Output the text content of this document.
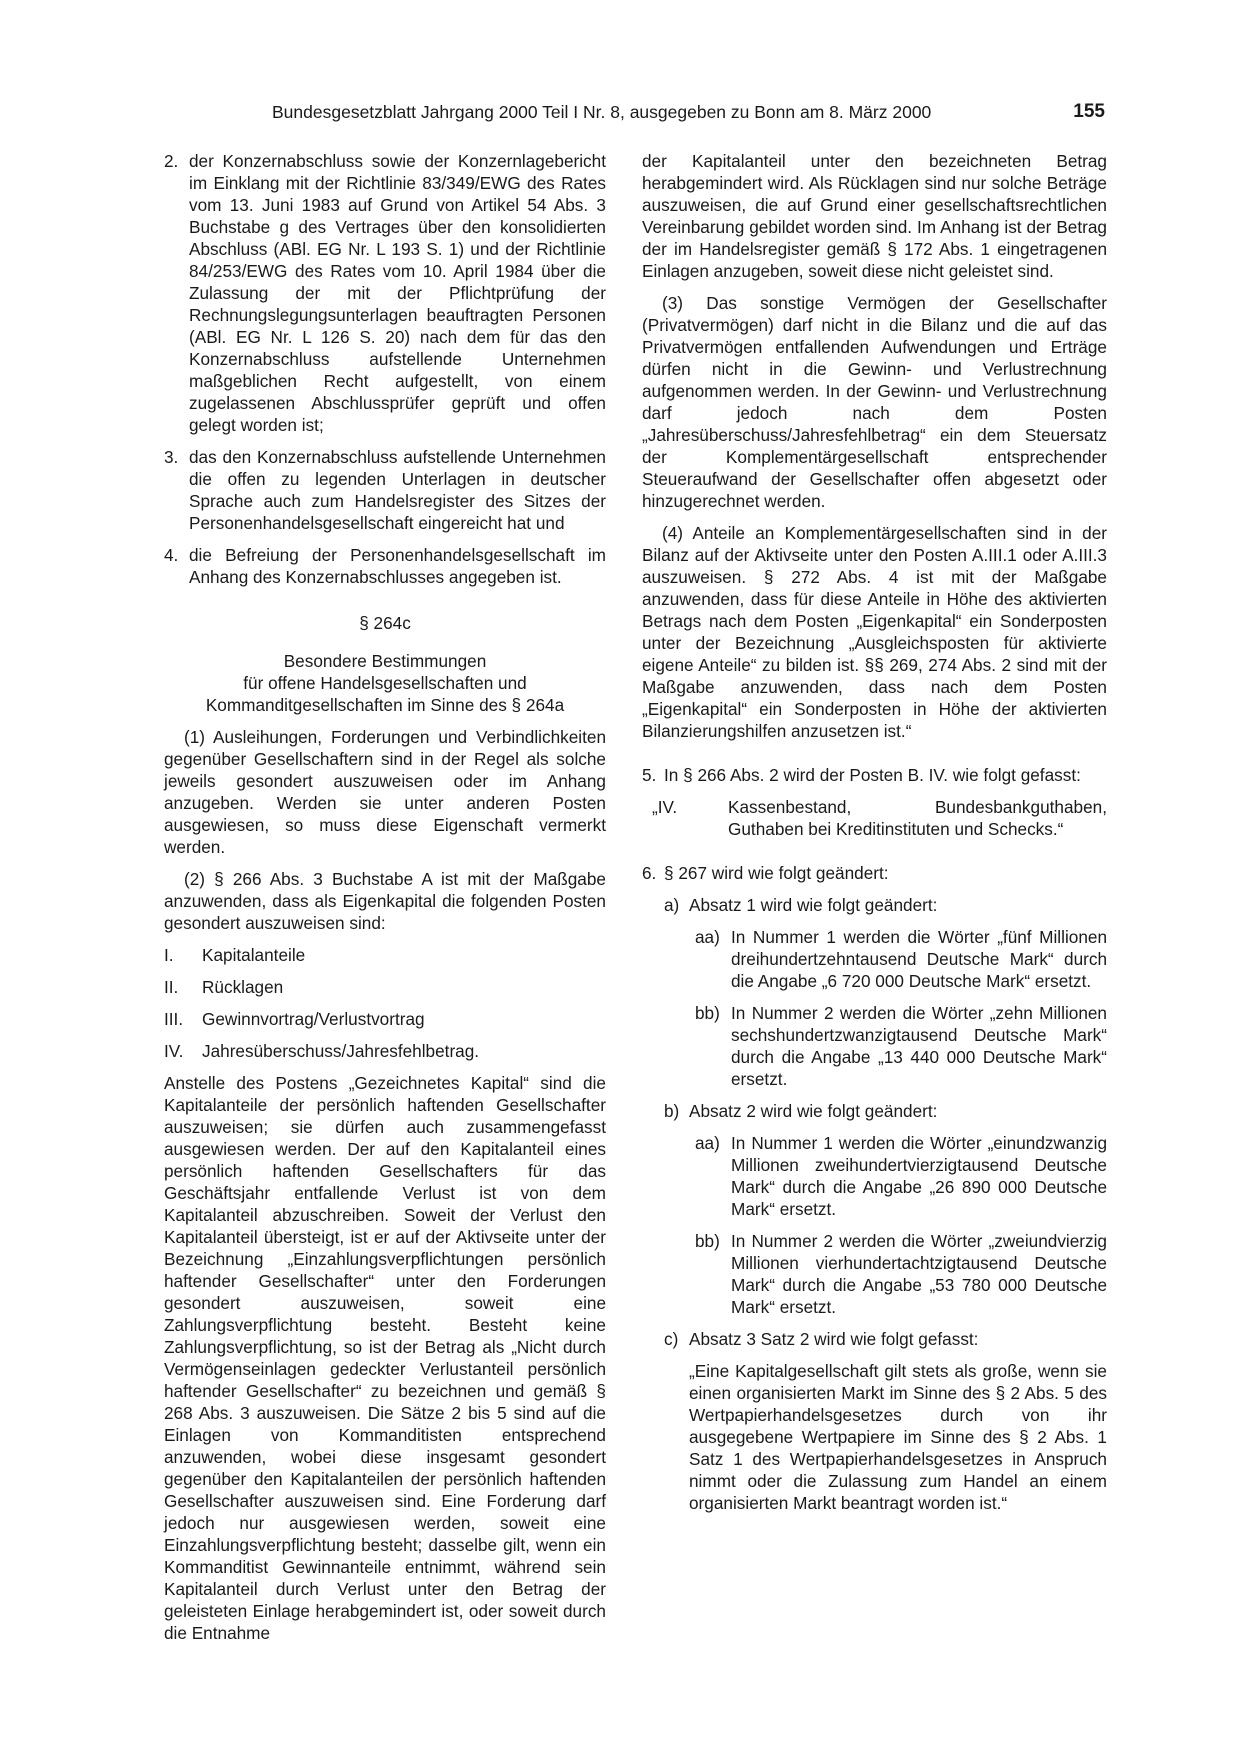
Bundesgesetzblatt Jahrgang 2000 Teil I Nr. 8, ausgegeben zu Bonn am 8. März 2000	155
2. der Konzernabschluss sowie der Konzernlagebericht im Einklang mit der Richtlinie 83/349/EWG des Rates vom 13. Juni 1983 auf Grund von Artikel 54 Abs. 3 Buchstabe g des Vertrages über den konsolidierten Abschluss (ABl. EG Nr. L 193 S. 1) und der Richtlinie 84/253/EWG des Rates vom 10. April 1984 über die Zulassung der mit der Pflichtprüfung der Rechnungslegungsunterlagen beauftragten Personen (ABl. EG Nr. L 126 S. 20) nach dem für das den Konzernabschluss aufstellende Unternehmen maßgeblichen Recht aufgestellt, von einem zugelassenen Abschlussprüfer geprüft und offen gelegt worden ist;
3. das den Konzernabschluss aufstellende Unternehmen die offen zu legenden Unterlagen in deutscher Sprache auch zum Handelsregister des Sitzes der Personenhandelsgesellschaft eingereicht hat und
4. die Befreiung der Personenhandelsgesellschaft im Anhang des Konzernabschlusses angegeben ist.

§ 264c

Besondere Bestimmungen
für offene Handelsgesellschaften und
Kommanditgesellschaften im Sinne des § 264a

(1) Ausleihungen, Forderungen und Verbindlichkeiten gegenüber Gesellschaftern sind in der Regel als solche jeweils gesondert auszuweisen oder im Anhang anzugeben. Werden sie unter anderen Posten ausgewiesen, so muss diese Eigenschaft vermerkt werden.

(2) § 266 Abs. 3 Buchstabe A ist mit der Maßgabe anzuwenden, dass als Eigenkapital die folgenden Posten gesondert auszuweisen sind:

I.	Kapitalanteile
II.	Rücklagen
III.	Gewinnvortrag/Verlustvortrag
IV.	Jahresüberschuss/Jahresfehlbetrag.

Anstelle des Postens „Gezeichnetes Kapital“ sind die Kapitalanteile der persönlich haftenden Gesellschafter auszuweisen; sie dürfen auch zusammengefasst ausgewiesen werden. Der auf den Kapitalanteil eines persönlich haftenden Gesellschafters für das Geschäftsjahr entfallende Verlust ist von dem Kapitalanteil abzuschreiben. Soweit der Verlust den Kapitalanteil übersteigt, ist er auf der Aktivseite unter der Bezeichnung „Einzahlungsverpflichtungen persönlich haftender Gesellschafter“ unter den Forderungen gesondert auszuweisen, soweit eine Zahlungsverpflichtung besteht. Besteht keine Zahlungsverpflichtung, so ist der Betrag als „Nicht durch Vermögenseinlagen gedeckter Verlustanteil persönlich haftender Gesellschafter“ zu bezeichnen und gemäß § 268 Abs. 3 auszuweisen. Die Sätze 2 bis 5 sind auf die Einlagen von Kommanditisten entsprechend anzuwenden, wobei diese insgesamt gesondert gegenüber den Kapitalanteilen der persönlich haftenden Gesellschafter auszuweisen sind. Eine Forderung darf jedoch nur ausgewiesen werden, soweit eine Einzahlungsverpflichtung besteht; dasselbe gilt, wenn ein Kommanditist Gewinnanteile entnimmt, während sein Kapitalanteil durch Verlust unter den Betrag der geleisteten Einlage herabgemindert ist, oder soweit durch die Entnahme

der Kapitalanteil unter den bezeichneten Betrag herabgemindert wird. Als Rücklagen sind nur solche Beträge auszuweisen, die auf Grund einer gesellschaftsrechtlichen Vereinbarung gebildet worden sind. Im Anhang ist der Betrag der im Handelsregister gemäß § 172 Abs. 1 eingetragenen Einlagen anzugeben, soweit diese nicht geleistet sind.

(3) Das sonstige Vermögen der Gesellschafter (Privatvermögen) darf nicht in die Bilanz und die auf das Privatvermögen entfallenden Aufwendungen und Erträge dürfen nicht in die Gewinn- und Verlustrechnung aufgenommen werden. In der Gewinn- und Verlustrechnung darf jedoch nach dem Posten „Jahresüberschuss/Jahresfehlbetrag“ ein dem Steuersatz der Komplementärgesellschaft entsprechender Steueraufwand der Gesellschafter offen abgesetzt oder hinzugerechnet werden.

(4) Anteile an Komplementärgesellschaften sind in der Bilanz auf der Aktivseite unter den Posten A.III.1 oder A.III.3 auszuweisen. § 272 Abs. 4 ist mit der Maßgabe anzuwenden, dass für diese Anteile in Höhe des aktivierten Betrags nach dem Posten „Eigenkapital“ ein Sonderposten unter der Bezeichnung „Ausgleichsposten für aktivierte eigene Anteile“ zu bilden ist. §§ 269, 274 Abs. 2 sind mit der Maßgabe anzuwenden, dass nach dem Posten „Eigenkapital“ ein Sonderposten in Höhe der aktivierten Bilanzierungshilfen anzusetzen ist.“

5. In § 266 Abs. 2 wird der Posten B. IV. wie folgt gefasst:
„IV.	Kassenbestand, Bundesbankguthaben, Guthaben bei Kreditinstituten und Schecks.“
6. § 267 wird wie folgt geändert:
a) Absatz 1 wird wie folgt geändert:
aa) In Nummer 1 werden die Wörter „fünf Millionen dreihundertzehntausend Deutsche Mark“ durch die Angabe „6 720 000 Deutsche Mark“ ersetzt.
bb) In Nummer 2 werden die Wörter „zehn Millionen sechshundertzwanzigtausend Deutsche Mark“ durch die Angabe „13 440 000 Deutsche Mark“ ersetzt.
b) Absatz 2 wird wie folgt geändert:
aa) In Nummer 1 werden die Wörter „einundzwanzig Millionen zweihundertvierzigtausend Deutsche Mark“ durch die Angabe „26 890 000 Deutsche Mark“ ersetzt.
bb) In Nummer 2 werden die Wörter „zweiundvierzig Millionen vierhundertachtzigtausend Deutsche Mark“ durch die Angabe „53 780 000 Deutsche Mark“ ersetzt.
c) Absatz 3 Satz 2 wird wie folgt gefasst:

„Eine Kapitalgesellschaft gilt stets als große, wenn sie einen organisierten Markt im Sinne des § 2 Abs. 5 des Wertpapierhandelsgesetzes durch von ihr ausgegebene Wertpapiere im Sinne des § 2 Abs. 1 Satz 1 des Wertpapierhandelsgesetzes in Anspruch nimmt oder die Zulassung zum Handel an einem organisierten Markt beantragt worden ist.“
